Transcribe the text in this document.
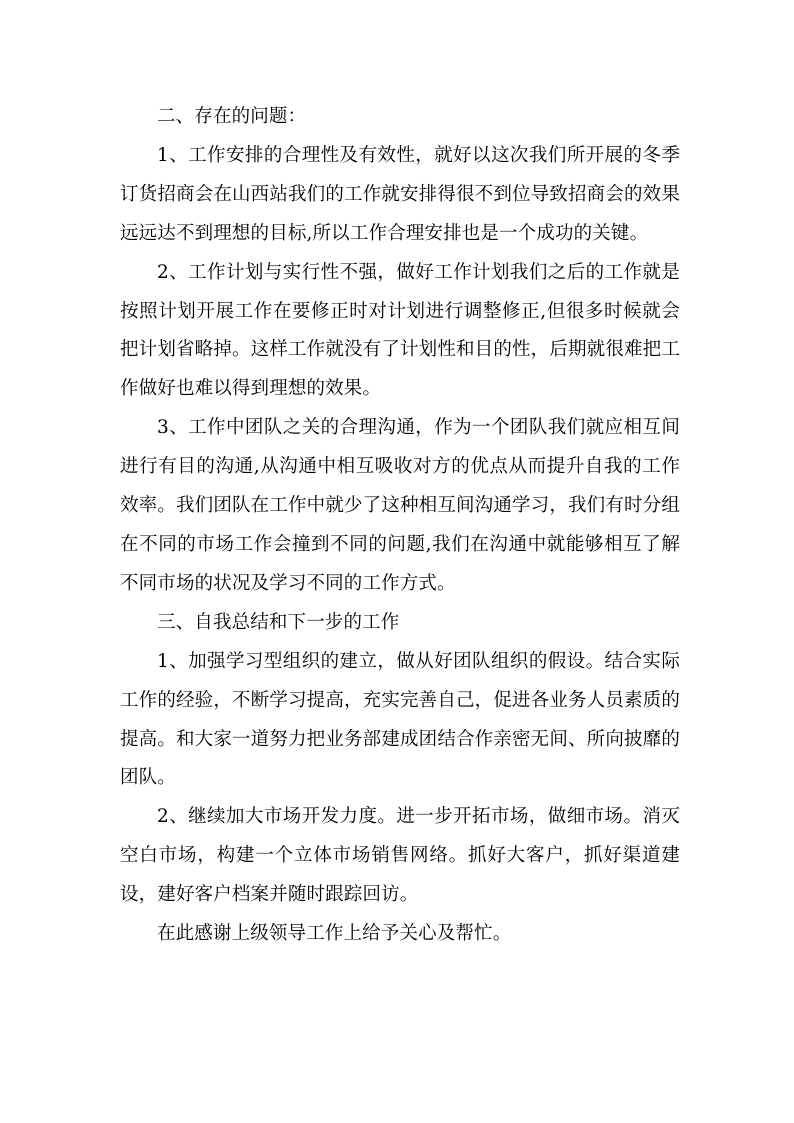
二、存在的问题：

1、工作安排的合理性及有效性，就好以这次我们所开展的冬季订货招商会在山西站我们的工作就安排得很不到位导致招商会的效果远远达不到理想的目标,所以工作合理安排也是一个成功的关键。

2、工作计划与实行性不强，做好工作计划我们之后的工作就是按照计划开展工作在要修正时对计划进行调整修正,但很多时候就会把计划省略掉。这样工作就没有了计划性和目的性，后期就很难把工作做好也难以得到理想的效果。

3、工作中团队之关的合理沟通，作为一个团队我们就应相互间进行有目的沟通,从沟通中相互吸收对方的优点从而提升自我的工作效率。我们团队在工作中就少了这种相互间沟通学习，我们有时分组在不同的市场工作会撞到不同的问题,我们在沟通中就能够相互了解不同市场的状况及学习不同的工作方式。

三、自我总结和下一步的工作

1、加强学习型组织的建立，做从好团队组织的假设。结合实际工作的经验，不断学习提高，充实完善自己，促进各业务人员素质的提高。和大家一道努力把业务部建成团结合作亲密无间、所向披靡的团队。

2、继续加大市场开发力度。进一步开拓市场，做细市场。消灭空白市场，构建一个立体市场销售网络。抓好大客户，抓好渠道建设，建好客户档案并随时跟踪回访。

在此感谢上级领导工作上给予关心及帮忙。
